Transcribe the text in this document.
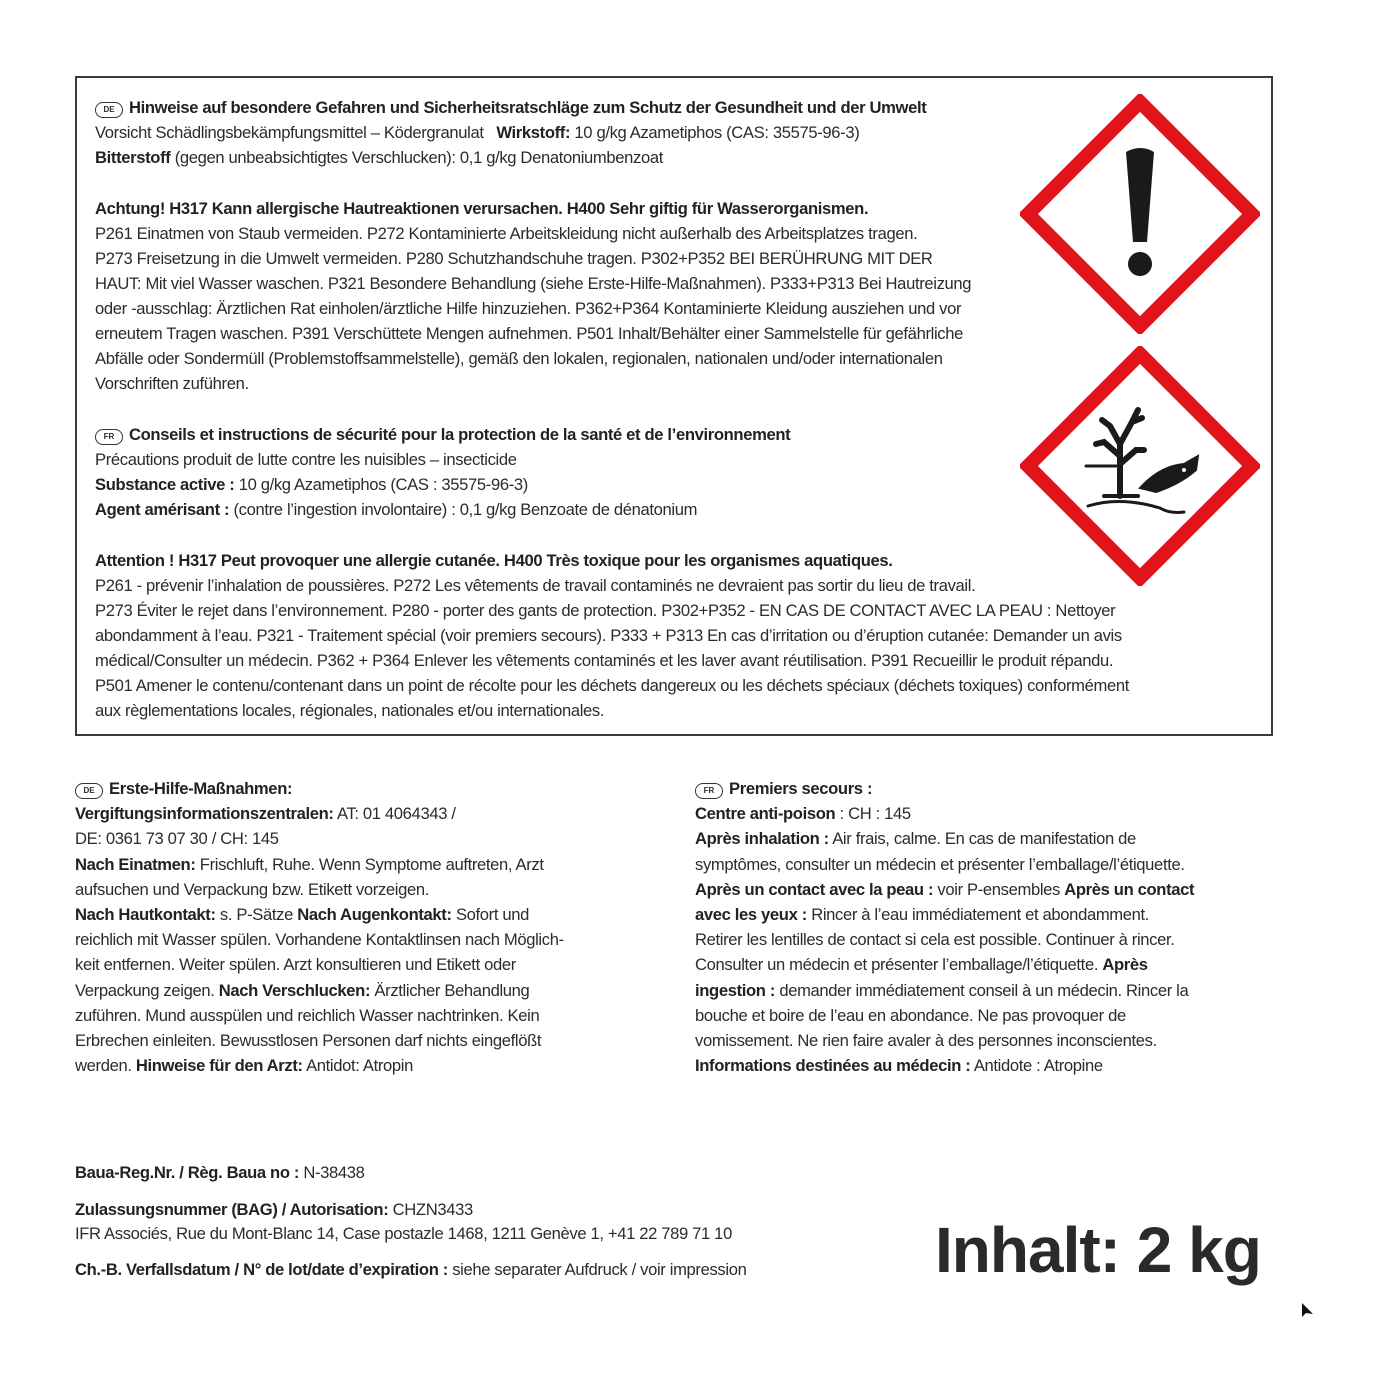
DE Hinweise auf besondere Gefahren und Sicherheitsratschläge zum Schutz der Gesundheit und der Umwelt
Vorsicht Schädlingsbekämpfungsmittel – Ködergranulat Wirkstoff: 10 g/kg Azametiphos (CAS: 35575-96-3)
Bitterstoff (gegen unbeabsichtigtes Verschlucken): 0,1 g/kg Denatoniumbenzoat
Achtung! H317 Kann allergische Hautreaktionen verursachen. H400 Sehr giftig für Wasserorganismen.
P261 Einatmen von Staub vermeiden. P272 Kontaminierte Arbeitskleidung nicht außerhalb des Arbeitsplatzes tragen.
P273 Freisetzung in die Umwelt vermeiden. P280 Schutzhandschuhe tragen. P302+P352 BEI BERÜHRUNG MIT DER
HAUT: Mit viel Wasser waschen. P321 Besondere Behandlung (siehe Erste-Hilfe-Maßnahmen). P333+P313 Bei Hautreizung
oder -ausschlag: Ärztlichen Rat einholen/ärztliche Hilfe hinzuziehen. P362+P364 Kontaminierte Kleidung ausziehen und vor
erneutem Tragen waschen. P391 Verschüttete Mengen aufnehmen. P501 Inhalt/Behälter einer Sammelstelle für gefährliche
Abfälle oder Sondermüll (Problemstoffsammelstelle), gemäß den lokalen, regionalen, nationalen und/oder internationalen
Vorschriften zuführen.
FR Conseils et instructions de sécurité pour la protection de la santé et de l’environnement
Précautions produit de lutte contre les nuisibles – insecticide
Substance active : 10 g/kg Azametiphos (CAS : 35575-96-3)
Agent amérisant : (contre l’ingestion involontaire) : 0,1 g/kg Benzoate de dénatonium
Attention ! H317 Peut provoquer une allergie cutanée. H400 Très toxique pour les organismes aquatiques.
P261 - prévenir l’inhalation de poussières. P272 Les vêtements de travail contaminés ne devraient pas sortir du lieu de travail.
P273 Éviter le rejet dans l’environnement. P280 - porter des gants de protection. P302+P352 - EN CAS DE CONTACT AVEC LA PEAU : Nettoyer
abondamment à l’eau. P321 - Traitement spécial (voir premiers secours). P333 + P313 En cas d’irritation ou d’éruption cutanée: Demander un avis
médical/Consulter un médecin. P362 + P364 Enlever les vêtements contaminés et les laver avant réutilisation. P391 Recueillir le produit répandu.
P501 Amener le contenu/contenant dans un point de récolte pour les déchets dangereux ou les déchets spéciaux (déchets toxiques) conformément
aux règlementations locales, régionales, nationales et/ou internationales.
DE Erste-Hilfe-Maßnahmen:
Vergiftungsinformationszentralen: AT: 01 4064343 /
DE: 0361 73 07 30 / CH: 145
Nach Einatmen: Frischluft, Ruhe. Wenn Symptome auftreten, Arzt
aufsuchen und Verpackung bzw. Etikett vorzeigen.
Nach Hautkontakt: s. P-Sätze Nach Augenkontakt: Sofort und
reichlich mit Wasser spülen. Vorhandene Kontaktlinsen nach Möglich-
keit entfernen. Weiter spülen. Arzt konsultieren und Etikett oder
Verpackung zeigen. Nach Verschlucken: Ärztlicher Behandlung
zuführen. Mund ausspülen und reichlich Wasser nachtrinken. Kein
Erbrechen einleiten. Bewusstlosen Personen darf nichts eingeflößt
werden. Hinweise für den Arzt: Antidot: Atropin
FR Premiers secours :
Centre anti-poison : CH : 145
Après inhalation : Air frais, calme. En cas de manifestation de
symptômes, consulter un médecin et présenter l’emballage/l’étiquette.
Après un contact avec la peau : voir P-ensembles Après un contact
avec les yeux : Rincer à l’eau immédiatement et abondamment.
Retirer les lentilles de contact si cela est possible. Continuer à rincer.
Consulter un médecin et présenter l’emballage/l’étiquette. Après
ingestion : demander immédiatement conseil à un médecin. Rincer la
bouche et boire de l’eau en abondance. Ne pas provoquer de
vomissement. Ne rien faire avaler à des personnes inconscientes.
Informations destinées au médecin : Antidote : Atropine
Baua-Reg.Nr. / Règ. Baua no : N-38438
Zulassungsnummer (BAG) / Autorisation: CHZN3433
IFR Associés, Rue du Mont-Blanc 14, Case postazle 1468, 1211 Genève 1, +41 22 789 71 10
Ch.-B. Verfallsdatum / N° de lot/date d’expiration : siehe separater Aufdruck / voir impression	Inhalt: 2 kg
